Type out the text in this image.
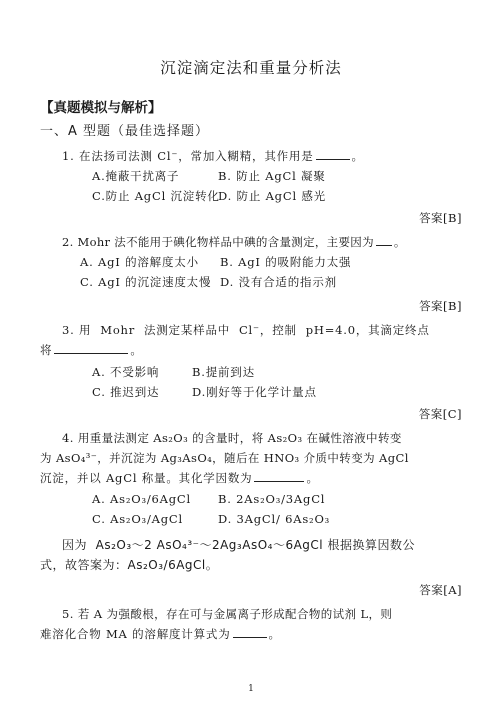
沉淀滴定法和重量分析法
【真题模拟与解析】
一、A 型题（最佳选择题）
1. 在法扬司法测 Cl⁻，常加入糊精，其作用是	。
A.掩蔽干扰离子	B. 防止 AgCl 凝聚
C.防止 AgCl 沉淀转化
D. 防止 AgCl 感光
答案[B]
2. Mohr 法不能用于碘化物样品中碘的含量测定，主要因为 。
A. AgI 的溶解度太小 B. AgI 的吸附能力太强
C. AgI 的沉淀速度太慢 D. 没有合适的指示剂
答案[B]
3. 用  Mohr  法测定某样品中  Cl⁻，控制  pH=4.0，其滴定终点
将	。
A. 不受影响	B.提前到达
C. 推迟到达	D.刚好等于化学计量点
答案[C]
4. 用重量法测定 As₂O₃ 的含量时，将 As₂O₃ 在碱性溶液中转变
为 AsO₄³⁻，并沉淀为 Ag₃AsO₄，随后在 HNO₃ 介质中转变为 AgCl
沉淀，并以 AgCl 称量。其化学因数为	。
A. As₂O₃/6AgCl B. 2As₂O₃/3AgCl
C. As₂O₃/AgCl	D. 3AgCl/ 6As₂O₃
因为  As₂O₃～2 AsO₄³⁻～2Ag₃AsO₄～6AgCl 根据换算因数公
式，故答案为：As₂O₃/6AgCl。
答案[A]
5. 若 A 为强酸根，存在可与金属离子形成配合物的试剂 L，则
难溶化合物 MA 的溶解度计算式为	。
1
